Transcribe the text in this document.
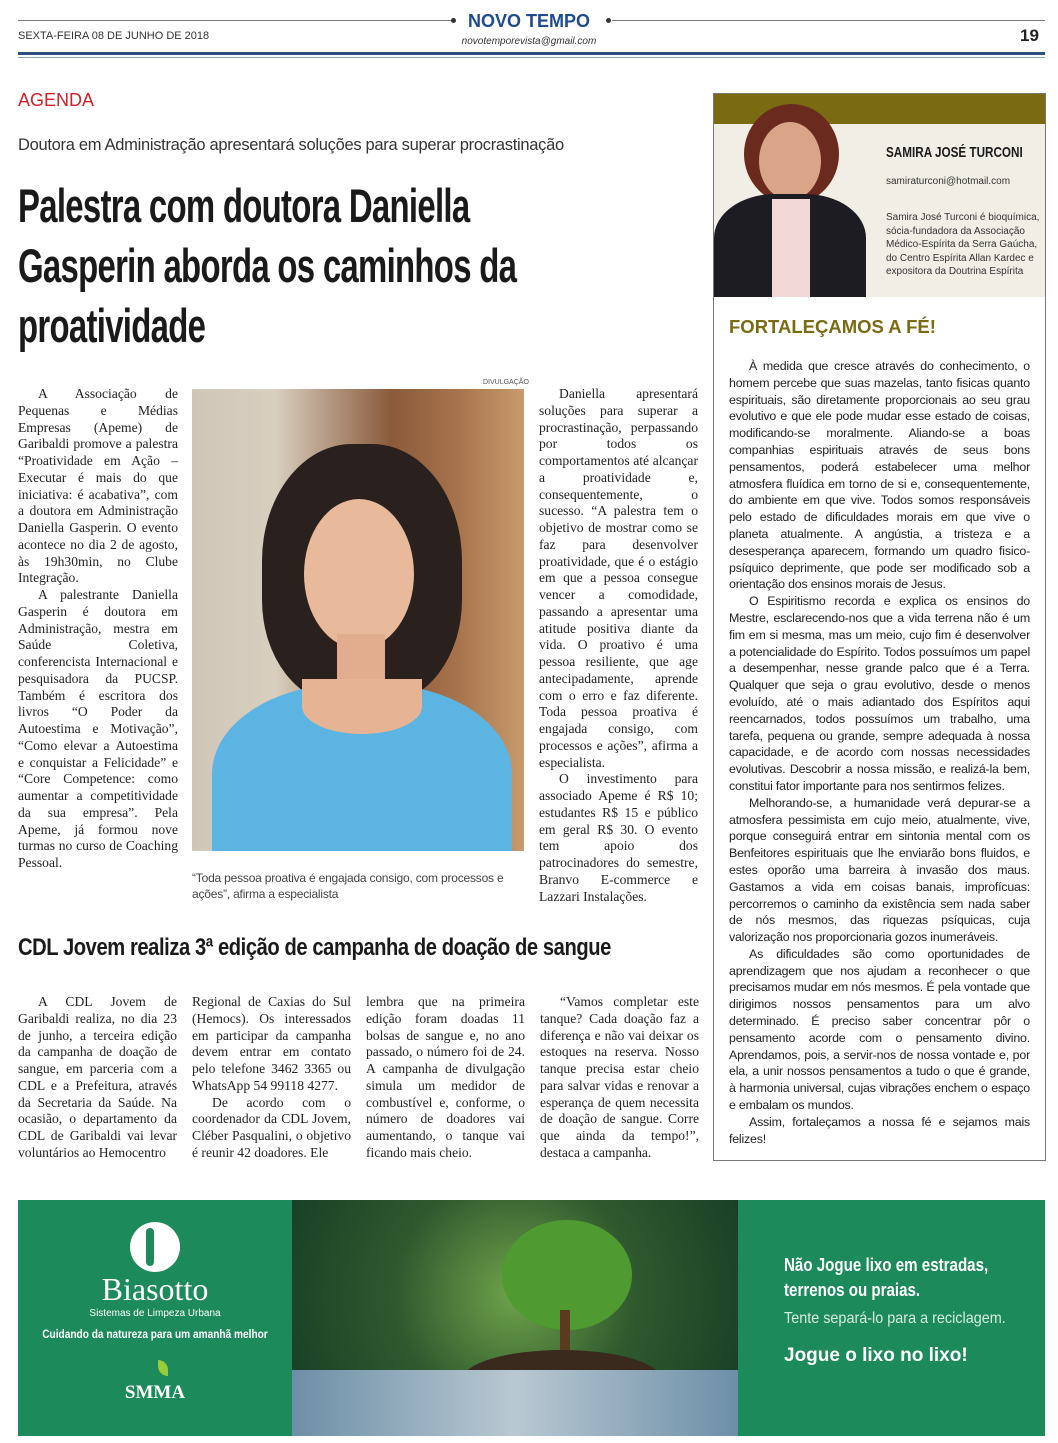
SEXTA-FEIRA 08 DE JUNHO DE 2018
NOVO TEMPO
novotemporevista@gmail.com	19
AGENDA
Doutora em Administração apresentará soluções para superar procrastinação
Palestra com doutora Daniella Gasperin aborda os caminhos da proatividade

A Associação de Pequenas e Médias Empresas (Apeme) de Garibaldi promove a palestra “Proatividade em Ação – Executar é mais do que iniciativa: é acabativa”, com a doutora em Administração Daniella Gasperin. O evento acontece no dia 2 de agosto, às 19h30min, no Clube Integração.

A palestrante Daniella Gasperin é doutora em Administração, mestra em Saúde Coletiva, conferencista Internacional e pesquisadora da PUCSP. Também é escritora dos livros “O Poder da Autoestima e Motivação”, “Como elevar a Autoestima e conquistar a Felicidade” e “Core Competence: como aumentar a competitividade da sua empresa”. Pela Apeme, já formou nove turmas no curso de Coaching Pessoal.

DIVULGAÇÃO
“Toda pessoa proativa é engajada consigo, com processos e ações”, afirma a especialista

Daniella apresentará soluções para superar a procrastinação, perpassando por todos os comportamentos até alcançar a proatividade e, consequentemente, o sucesso. “A palestra tem o objetivo de mostrar como se faz para desenvolver proatividade, que é o estágio em que a pessoa consegue vencer a comodidade, passando a apresentar uma atitude positiva diante da vida. O proativo é uma pessoa resiliente, que age antecipadamente, aprende com o erro e faz diferente. Toda pessoa proativa é engajada consigo, com processos e ações”, afirma a especialista.

O investimento para associado Apeme é R$ 10; estudantes R$ 15 e público em geral R$ 30. O evento tem apoio dos patrocinadores do semestre, Branvo E-commerce e Lazzari Instalações.

CDL Jovem realiza 3ª edição de campanha de doação de sangue

A CDL Jovem de Garibaldi realiza, no dia 23 de junho, a terceira edição da campanha de doação de sangue, em parceria com a CDL e a Prefeitura, através da Secretaria da Saúde. Na ocasião, o departamento da CDL de Garibaldi vai levar voluntários ao Hemocentro

Regional de Caxias do Sul (Hemocs). Os interessados em participar da campanha devem entrar em contato pelo telefone 3462 3365 ou WhatsApp 54 99118 4277.

De acordo com o coordenador da CDL Jovem, Cléber Pasqualini, o objetivo é reunir 42 doadores. Ele

lembra que na primeira edição foram doadas 11 bolsas de sangue e, no ano passado, o número foi de 24. A campanha de divulgação simula um medidor de combustível e, conforme, o número de doadores vai aumentando, o tanque vai ficando mais cheio.

“Vamos completar este tanque? Cada doação faz a diferença e não vai deixar os estoques na reserva. Nosso tanque precisa estar cheio para salvar vidas e renovar a esperança de quem necessita de doação de sangue. Corre que ainda da tempo!”, destaca a campanha.

SAMIRA JOSÉ TURCONI
samiraturconi@hotmail.com
Samira José Turconi é bioquímica, sócia-fundadora da Associação Médico-Espírita da Serra Gaúcha, do Centro Espírita Allan Kardec e expositora da Doutrina Espírita
FORTALEÇAMOS A FÉ!

À medida que cresce através do conhecimento, o homem percebe que suas mazelas, tanto fisicas quanto espirituais, são diretamente proporcionais ao seu grau evolutivo e que ele pode mudar esse estado de coisas, modificando-se moralmente. Aliando-se a boas companhias espirituais através de seus bons pensamentos, poderá estabelecer uma melhor atmosfera fluídica em torno de si e, consequentemente, do ambiente em que vive. Todos somos responsáveis pelo estado de dificuldades morais em que vive o planeta atualmente. A angústia, a tristeza e a desesperança aparecem, formando um quadro fisico-psíquico deprimente, que pode ser modificado sob a orientação dos ensinos morais de Jesus.

O Espiritismo recorda e explica os ensinos do Mestre, esclarecendo-nos que a vida terrena não é um fim em si mesma, mas um meio, cujo fim é desenvolver a potencialidade do Espírito. Todos possuímos um papel a desempenhar, nesse grande palco que é a Terra. Qualquer que seja o grau evolutivo, desde o menos evoluído, até o mais adiantado dos Espíritos aqui reencarnados, todos possuímos um trabalho, uma tarefa, pequena ou grande, sempre adequada à nossa capacidade, e de acordo com nossas necessidades evolutivas. Descobrir a nossa missão, e realizá-la bem, constitui fator importante para nos sentirmos felizes.

Melhorando-se, a humanidade verá depurar-se a atmosfera pessimista em cujo meio, atualmente, vive, porque conseguirá entrar em sintonia mental com os Benfeitores espirituais que lhe enviarão bons fluidos, e estes oporão uma barreira à invasão dos maus. Gastamos a vida em coisas banais, improfícuas: percorremos o caminho da existência sem nada saber de nós mesmos, das riquezas psíquicas, cuja valorização nos proporcionaria gozos inumeráveis.

As dificuldades são como oportunidades de aprendizagem que nos ajudam a reconhecer o que precisamos mudar em nós mesmos. É pela vontade que dirigimos nossos pensamentos para um alvo determinado. É preciso saber concentrar pôr o pensamento acorde com o pensamento divino. Aprendamos, pois, a servir-nos de nossa vontade e, por ela, a unir nossos pensamentos a tudo o que é grande, à harmonia universal, cujas vibrações enchem o espaço e embalam os mundos.

Assim, fortaleçamos a nossa fé e sejamos mais felizes!

Biasotto
Sistemas de Limpeza Urbana
Cuidando da natureza para um amanhã melhor
SMMA
Não Jogue lixo em estradas, terrenos ou praias.
Tente separá-lo para a reciclagem.
Jogue o lixo no lixo!
